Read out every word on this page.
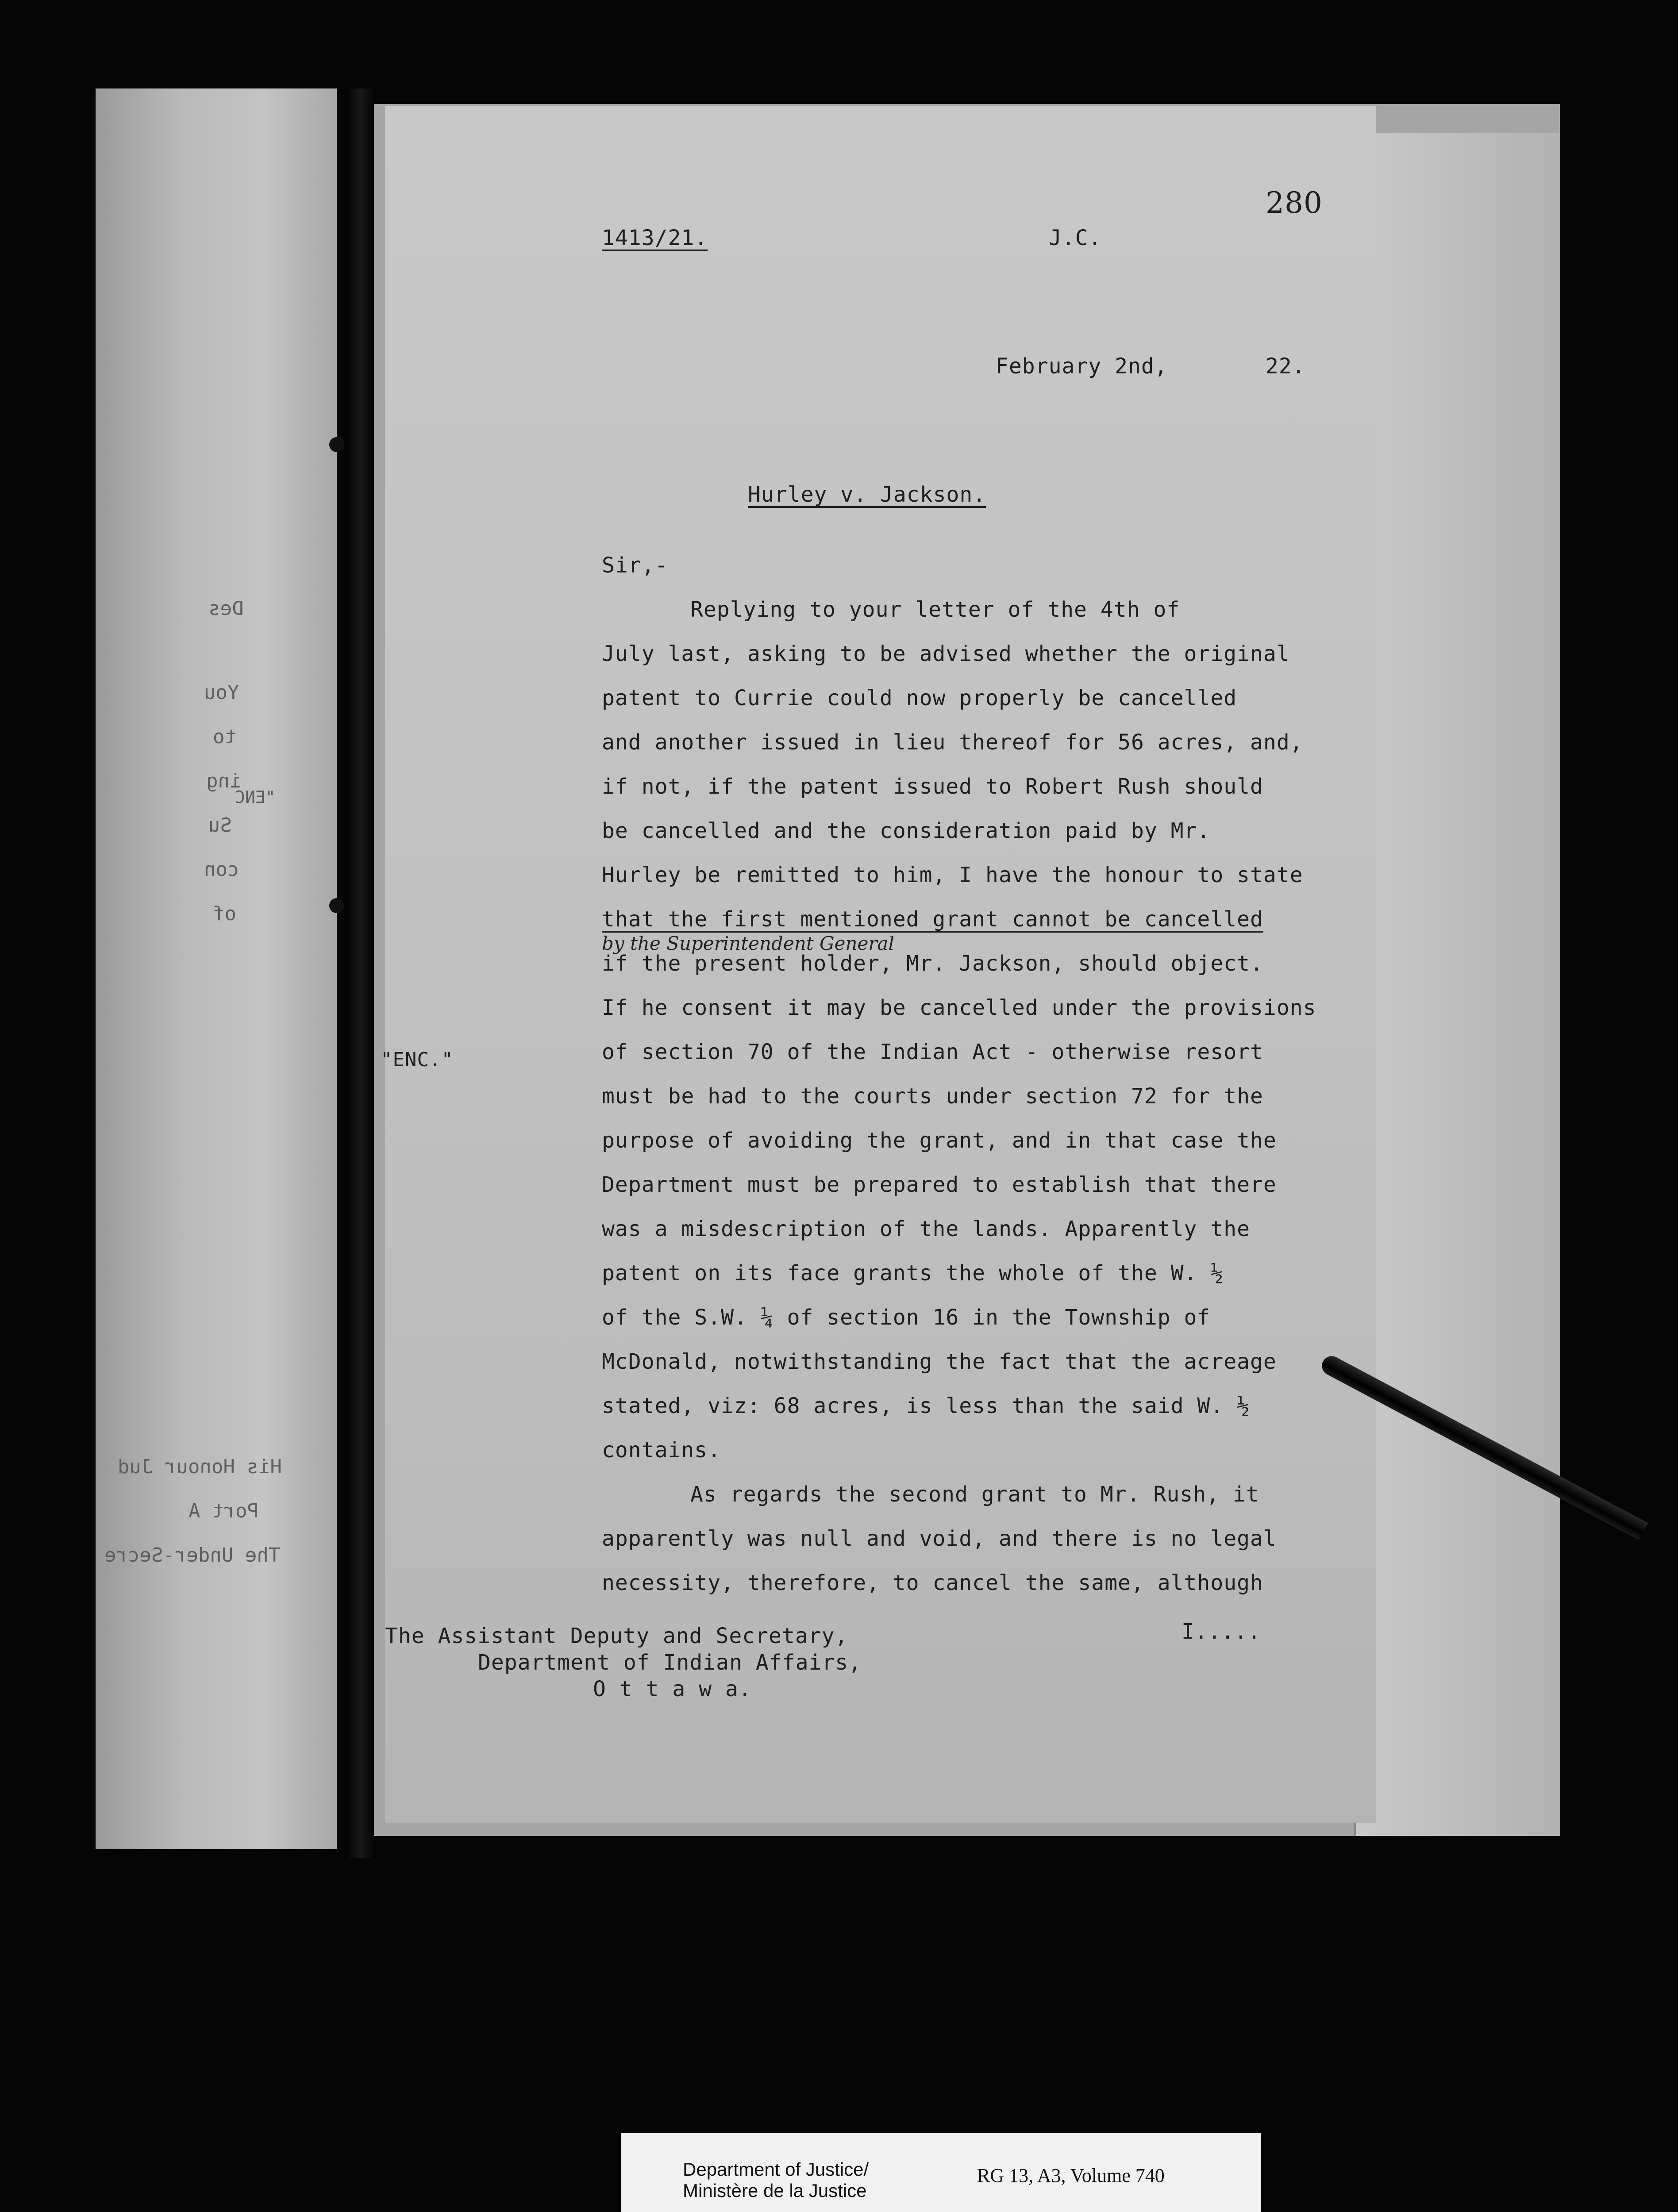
Des
You
to
ing
Su
con
of
"ENC
His Honour Jud
Port A
The Under-Secre
280
1413/21.	J.C.
February 2nd,	22.
Hurley v. Jackson.
Sir,-
"ENC."
Replying to your letter of the 4th of
July last, asking to be advised whether the original
patent to Currie could now properly be cancelled
and another issued in lieu thereof for 56 acres, and,
if not, if the patent issued to Robert Rush should
be cancelled and the consideration paid by Mr.
Hurley be remitted to him, I have the honour to state
that the first mentioned grant cannot be cancelled
by the Superintendent General
if the present holder, Mr. Jackson, should object.
If he consent it may be cancelled under the provisions
of section 70 of the Indian Act - otherwise resort
must be had to the courts under section 72 for the
purpose of avoiding the grant, and in that case the
Department must be prepared to establish that there
was a misdescription of the lands. Apparently the
patent on its face grants the whole of the W. ½
of the S.W. ¼ of section 16 in the Township of
McDonald, notwithstanding the fact that the acreage
stated, viz: 68 acres, is less than the said W. ½
contains.
As regards the second grant to Mr. Rush, it
apparently was null and void, and there is no legal
necessity, therefore, to cancel the same, although
I.....
The Assistant Deputy and Secretary,
Department of Indian Affairs,
O t t a w a.
Department of Justice/
Ministère de la Justice
RG 13, A3, Volume 740
